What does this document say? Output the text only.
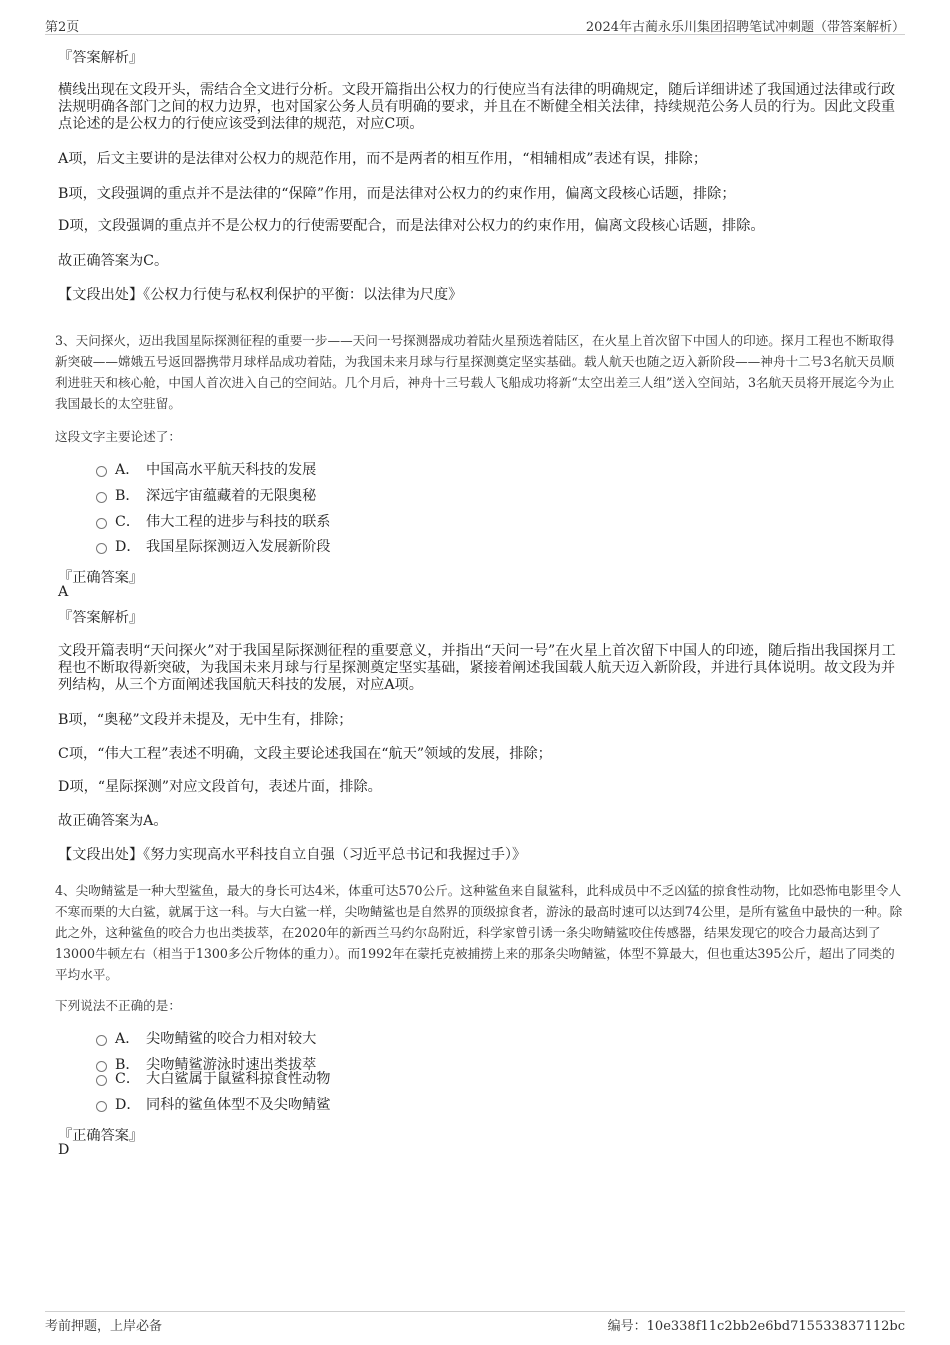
第2页	2024年古蔺永乐川集团招聘笔试冲刺题（带答案解析）
『答案解析』
横线出现在文段开头，需结合全文进行分析。文段开篇指出公权力的行使应当有法律的明确规定，随后详细讲述了我国通过法律或行政法规明确各部门之间的权力边界，也对国家公务人员有明确的要求，并且在不断健全相关法律，持续规范公务人员的行为。因此文段重点论述的是公权力的行使应该受到法律的规范，对应C项。
A项，后文主要讲的是法律对公权力的规范作用，而不是两者的相互作用，“相辅相成”表述有误，排除；
B项，文段强调的重点并不是法律的“保障”作用，而是法律对公权力的约束作用，偏离文段核心话题，排除；
D项，文段强调的重点并不是公权力的行使需要配合，而是法律对公权力的约束作用，偏离文段核心话题，排除。
故正确答案为C。
【文段出处】《公权力行使与私权利保护的平衡：以法律为尺度》
3、天问探火，迈出我国星际探测征程的重要一步——天问一号探测器成功着陆火星预选着陆区，在火星上首次留下中国人的印迹。探月工程也不断取得新突破——嫦娥五号返回器携带月球样品成功着陆，为我国未来月球与行星探测奠定坚实基础。载人航天也随之迈入新阶段——神舟十二号3名航天员顺利进驻天和核心舱，中国人首次进入自己的空间站。几个月后，神舟十三号载人飞船成功将新“太空出差三人组”送入空间站，3名航天员将开展迄今为止我国最长的太空驻留。
这段文字主要论述了：
A． 中国高水平航天科技的发展
B． 深远宇宙蕴藏着的无限奥秘
C． 伟大工程的进步与科技的联系
D． 我国星际探测迈入发展新阶段
『正确答案』
A
『答案解析』
文段开篇表明“天问探火”对于我国星际探测征程的重要意义，并指出“天问一号”在火星上首次留下中国人的印迹，随后指出我国探月工程也不断取得新突破，为我国未来月球与行星探测奠定坚实基础，紧接着阐述我国载人航天迈入新阶段，并进行具体说明。故文段为并列结构，从三个方面阐述我国航天科技的发展，对应A项。
B项，“奥秘”文段并未提及，无中生有，排除；
C项，“伟大工程”表述不明确，文段主要论述我国在“航天”领域的发展，排除；
D项，“星际探测”对应文段首句，表述片面，排除。
故正确答案为A。
【文段出处】《努力实现高水平科技自立自强（习近平总书记和我握过手）》
4、尖吻鲭鲨是一种大型鲨鱼，最大的身长可达4米，体重可达570公斤。这种鲨鱼来自鼠鲨科，此科成员中不乏凶猛的掠食性动物，比如恐怖电影里令人不寒而栗的大白鲨，就属于这一科。与大白鲨一样，尖吻鲭鲨也是自然界的顶级掠食者，游泳的最高时速可以达到74公里，是所有鲨鱼中最快的一种。除此之外，这种鲨鱼的咬合力也出类拔萃，在2020年的新西兰马约尔岛附近，科学家曾引诱一条尖吻鲭鲨咬住传感器，结果发现它的咬合力最高达到了13000牛顿左右（相当于1300多公斤物体的重力）。而1992年在蒙托克被捕捞上来的那条尖吻鲭鲨，体型不算最大，但也重达395公斤，超出了同类的平均水平。
下列说法不正确的是：
A． 尖吻鲭鲨的咬合力相对较大
B． 尖吻鲭鲨游泳时速出类拔萃
C． 大白鲨属于鼠鲨科掠食性动物
D． 同科的鲨鱼体型不及尖吻鲭鲨
『正确答案』
D
考前押题，上岸必备	编号：10e338f11c2bb2e6bd715533837112bc
